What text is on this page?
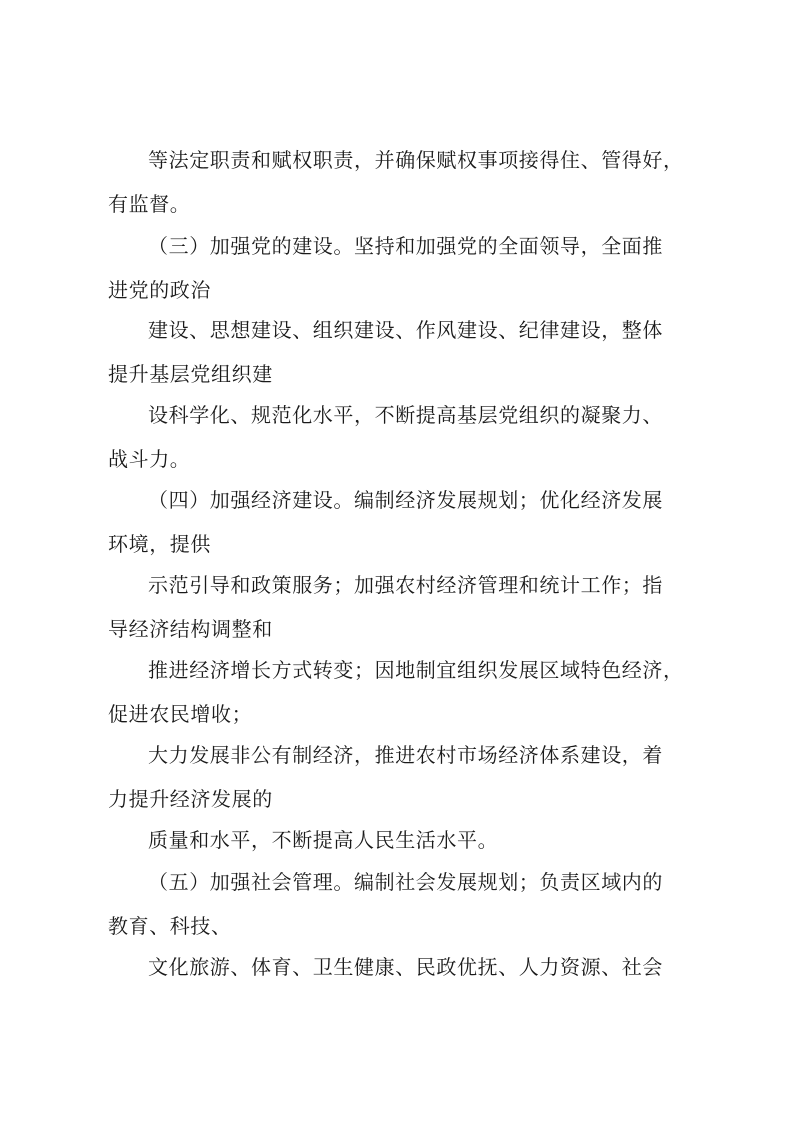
等法定职责和赋权职责，并确保赋权事项接得住、管得好，
有监督。
（三）加强党的建设。坚持和加强党的全面领导，全面推
进党的政治
建设、思想建设、组织建设、作风建设、纪律建设，整体
提升基层党组织建
设科学化、规范化水平，不断提高基层党组织的凝聚力、
战斗力。
（四）加强经济建设。编制经济发展规划；优化经济发展
环境，提供
示范引导和政策服务；加强农村经济管理和统计工作；指
导经济结构调整和
推进经济增长方式转变；因地制宜组织发展区域特色经济，
促进农民增收；
大力发展非公有制经济，推进农村市场经济体系建设，着
力提升经济发展的
质量和水平，不断提高人民生活水平。
（五）加强社会管理。编制社会发展规划；负责区域内的
教育、科技、
文化旅游、体育、卫生健康、民政优抚、人力资源、社会
